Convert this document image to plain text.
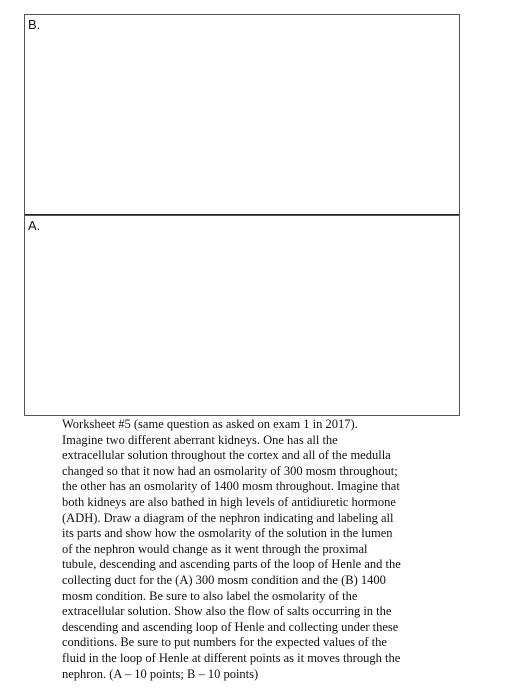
B.
A.
Worksheet #5 (same question as asked on exam 1 in 2017).
Imagine two different aberrant kidneys. One has all the
extracellular solution throughout the cortex and all of the medulla
changed so that it now had an osmolarity of 300 mosm throughout;
the other has an osmolarity of 1400 mosm throughout. Imagine that
both kidneys are also bathed in high levels of antidiuretic hormone
(ADH). Draw a diagram of the nephron indicating and labeling all
its parts and show how the osmolarity of the solution in the lumen
of the nephron would change as it went through the proximal
tubule, descending and ascending parts of the loop of Henle and the
collecting duct for the (A) 300 mosm condition and the (B) 1400
mosm condition. Be sure to also label the osmolarity of the
extracellular solution. Show also the flow of salts occurring in the
descending and ascending loop of Henle and collecting under these
conditions. Be sure to put numbers for the expected values of the
fluid in the loop of Henle at different points as it moves through the
nephron. (A – 10 points; B – 10 points)
